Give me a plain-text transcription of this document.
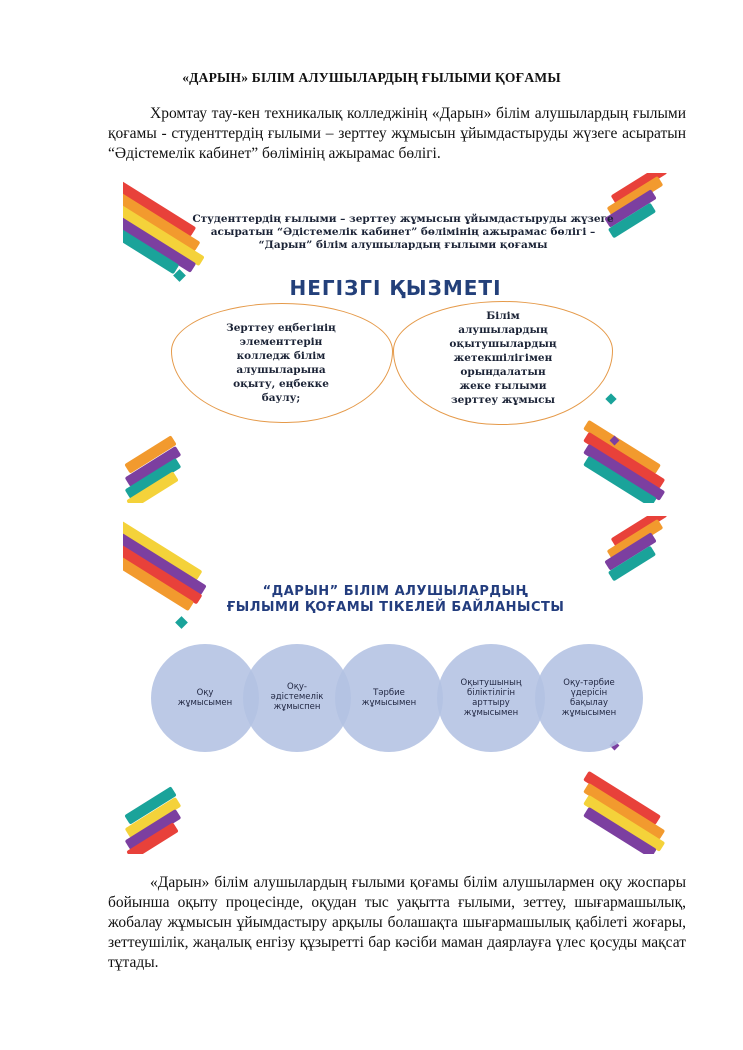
«ДАРЫН» БІЛІМ АЛУШЫЛАРДЫҢ ҒЫЛЫМИ ҚОҒАМЫ
Хромтау тау-кен техникалық колледжінің «Дарын» білім алушылардың ғылыми қоғамы - студенттердің ғылыми – зерттеу жұмысын ұйымдастыруды жүзеге асыратын “Әдістемелік кабинет” бөлімінің ажырамас бөлігі.
Студенттердің ғылыми – зерттеу жұмысын ұйымдастыруды жүзеге
асыратын “Әдістемелік кабинет” бөлімінің ажырамас бөлігі –
“Дарын” білім алушылардың ғылыми қоғамы
НЕГІЗГІ ҚЫЗМЕТІ
Зерттеу еңбегінің
элементтерін
колледж білім
алушыларына
оқыту, еңбекке
баулу;
Білім
алушылардың
оқытушылардың
жетекшілігімен
орындалатын
жеке ғылыми
зерттеу жұмысы
“ДАРЫН” БІЛІМ АЛУШЫЛАРДЫҢ
ҒЫЛЫМИ ҚОҒАМЫ ТІКЕЛЕЙ БАЙЛАНЫСТЫ
Оқу
жұмысымен
Оқу-
әдістемелік
жұмыспен
Тәрбие
жұмысымен
Оқытушының
біліктілігін
арттыру
жұмысымен
Оқу-тәрбие
үдерісін
бақылау
жұмысымен
«Дарын» білім алушылардың ғылыми қоғамы білім алушылармен оқу жоспары бойынша оқыту процесінде, оқудан тыс уақытта ғылыми, зеттеу, шығармашылық, жобалау жұмысын ұйымдастыру арқылы болашақта шығармашылық қабілеті жоғары, зеттеушілік, жаңалық енгізу құзыретті бар кәсіби маман даярлауға үлес қосуды мақсат тұтады.
